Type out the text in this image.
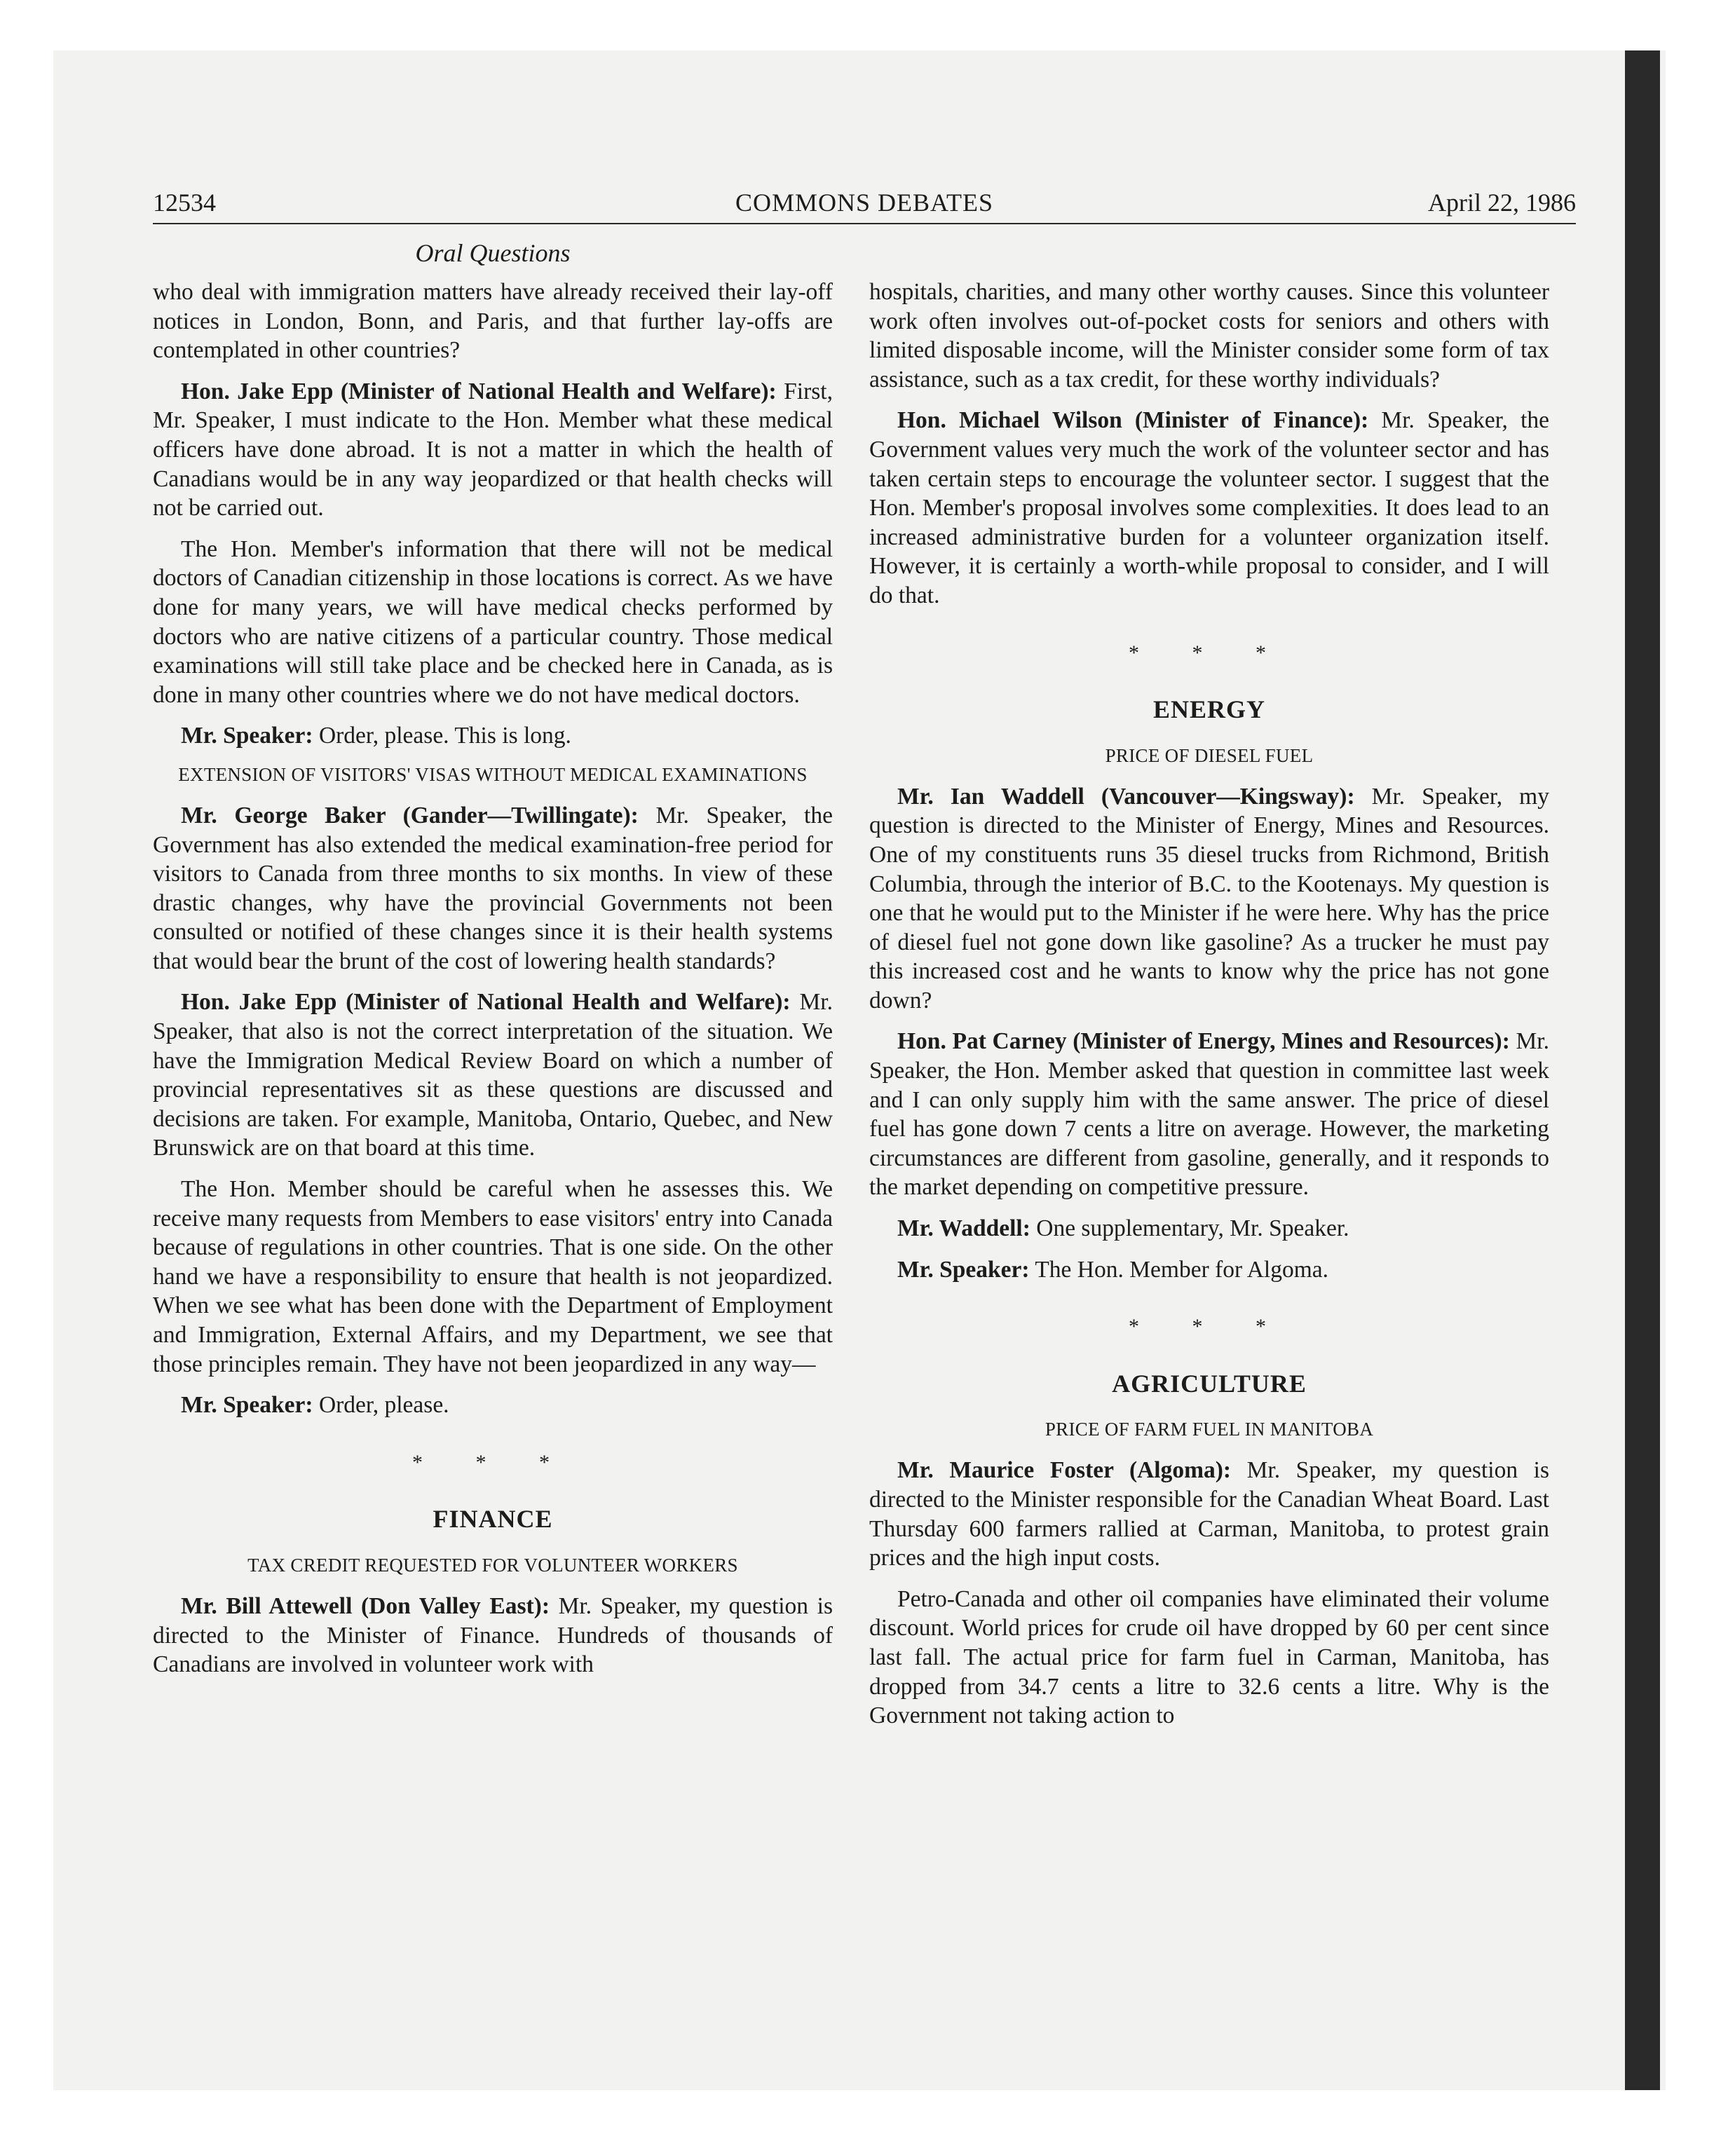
12534	COMMONS DEBATES	April 22, 1986
Oral Questions

who deal with immigration matters have already received their lay-off notices in London, Bonn, and Paris, and that further lay-offs are contemplated in other countries?

Hon. Jake Epp (Minister of National Health and Welfare): First, Mr. Speaker, I must indicate to the Hon. Member what these medical officers have done abroad. It is not a matter in which the health of Canadians would be in any way jeopardized or that health checks will not be carried out.

The Hon. Member's information that there will not be medical doctors of Canadian citizenship in those locations is correct. As we have done for many years, we will have medical checks performed by doctors who are native citizens of a particular country. Those medical examinations will still take place and be checked here in Canada, as is done in many other countries where we do not have medical doctors.

Mr. Speaker: Order, please. This is long.

EXTENSION OF VISITORS' VISAS WITHOUT MEDICAL EXAMINATIONS

Mr. George Baker (Gander—Twillingate): Mr. Speaker, the Government has also extended the medical examination-free period for visitors to Canada from three months to six months. In view of these drastic changes, why have the provincial Governments not been consulted or notified of these changes since it is their health systems that would bear the brunt of the cost of lowering health standards?

Hon. Jake Epp (Minister of National Health and Welfare): Mr. Speaker, that also is not the correct interpretation of the situation. We have the Immigration Medical Review Board on which a number of provincial representatives sit as these questions are discussed and decisions are taken. For example, Manitoba, Ontario, Quebec, and New Brunswick are on that board at this time.

The Hon. Member should be careful when he assesses this. We receive many requests from Members to ease visitors' entry into Canada because of regulations in other countries. That is one side. On the other hand we have a responsibility to ensure that health is not jeopardized. When we see what has been done with the Department of Employment and Immigration, External Affairs, and my Department, we see that those principles remain. They have not been jeopardized in any way—

Mr. Speaker: Order, please.

* * *
FINANCE
TAX CREDIT REQUESTED FOR VOLUNTEER WORKERS

Mr. Bill Attewell (Don Valley East): Mr. Speaker, my question is directed to the Minister of Finance. Hundreds of thousands of Canadians are involved in volunteer work with

hospitals, charities, and many other worthy causes. Since this volunteer work often involves out-of-pocket costs for seniors and others with limited disposable income, will the Minister consider some form of tax assistance, such as a tax credit, for these worthy individuals?

Hon. Michael Wilson (Minister of Finance): Mr. Speaker, the Government values very much the work of the volunteer sector and has taken certain steps to encourage the volunteer sector. I suggest that the Hon. Member's proposal involves some complexities. It does lead to an increased administrative burden for a volunteer organization itself. However, it is certainly a worth-while proposal to consider, and I will do that.

* * *
ENERGY
PRICE OF DIESEL FUEL

Mr. Ian Waddell (Vancouver—Kingsway): Mr. Speaker, my question is directed to the Minister of Energy, Mines and Resources. One of my constituents runs 35 diesel trucks from Richmond, British Columbia, through the interior of B.C. to the Kootenays. My question is one that he would put to the Minister if he were here. Why has the price of diesel fuel not gone down like gasoline? As a trucker he must pay this increased cost and he wants to know why the price has not gone down?

Hon. Pat Carney (Minister of Energy, Mines and Resources): Mr. Speaker, the Hon. Member asked that question in committee last week and I can only supply him with the same answer. The price of diesel fuel has gone down 7 cents a litre on average. However, the marketing circumstances are different from gasoline, generally, and it responds to the market depending on competitive pressure.

Mr. Waddell: One supplementary, Mr. Speaker.

Mr. Speaker: The Hon. Member for Algoma.

* * *
AGRICULTURE
PRICE OF FARM FUEL IN MANITOBA

Mr. Maurice Foster (Algoma): Mr. Speaker, my question is directed to the Minister responsible for the Canadian Wheat Board. Last Thursday 600 farmers rallied at Carman, Manitoba, to protest grain prices and the high input costs.

Petro-Canada and other oil companies have eliminated their volume discount. World prices for crude oil have dropped by 60 per cent since last fall. The actual price for farm fuel in Carman, Manitoba, has dropped from 34.7 cents a litre to 32.6 cents a litre. Why is the Government not taking action to
